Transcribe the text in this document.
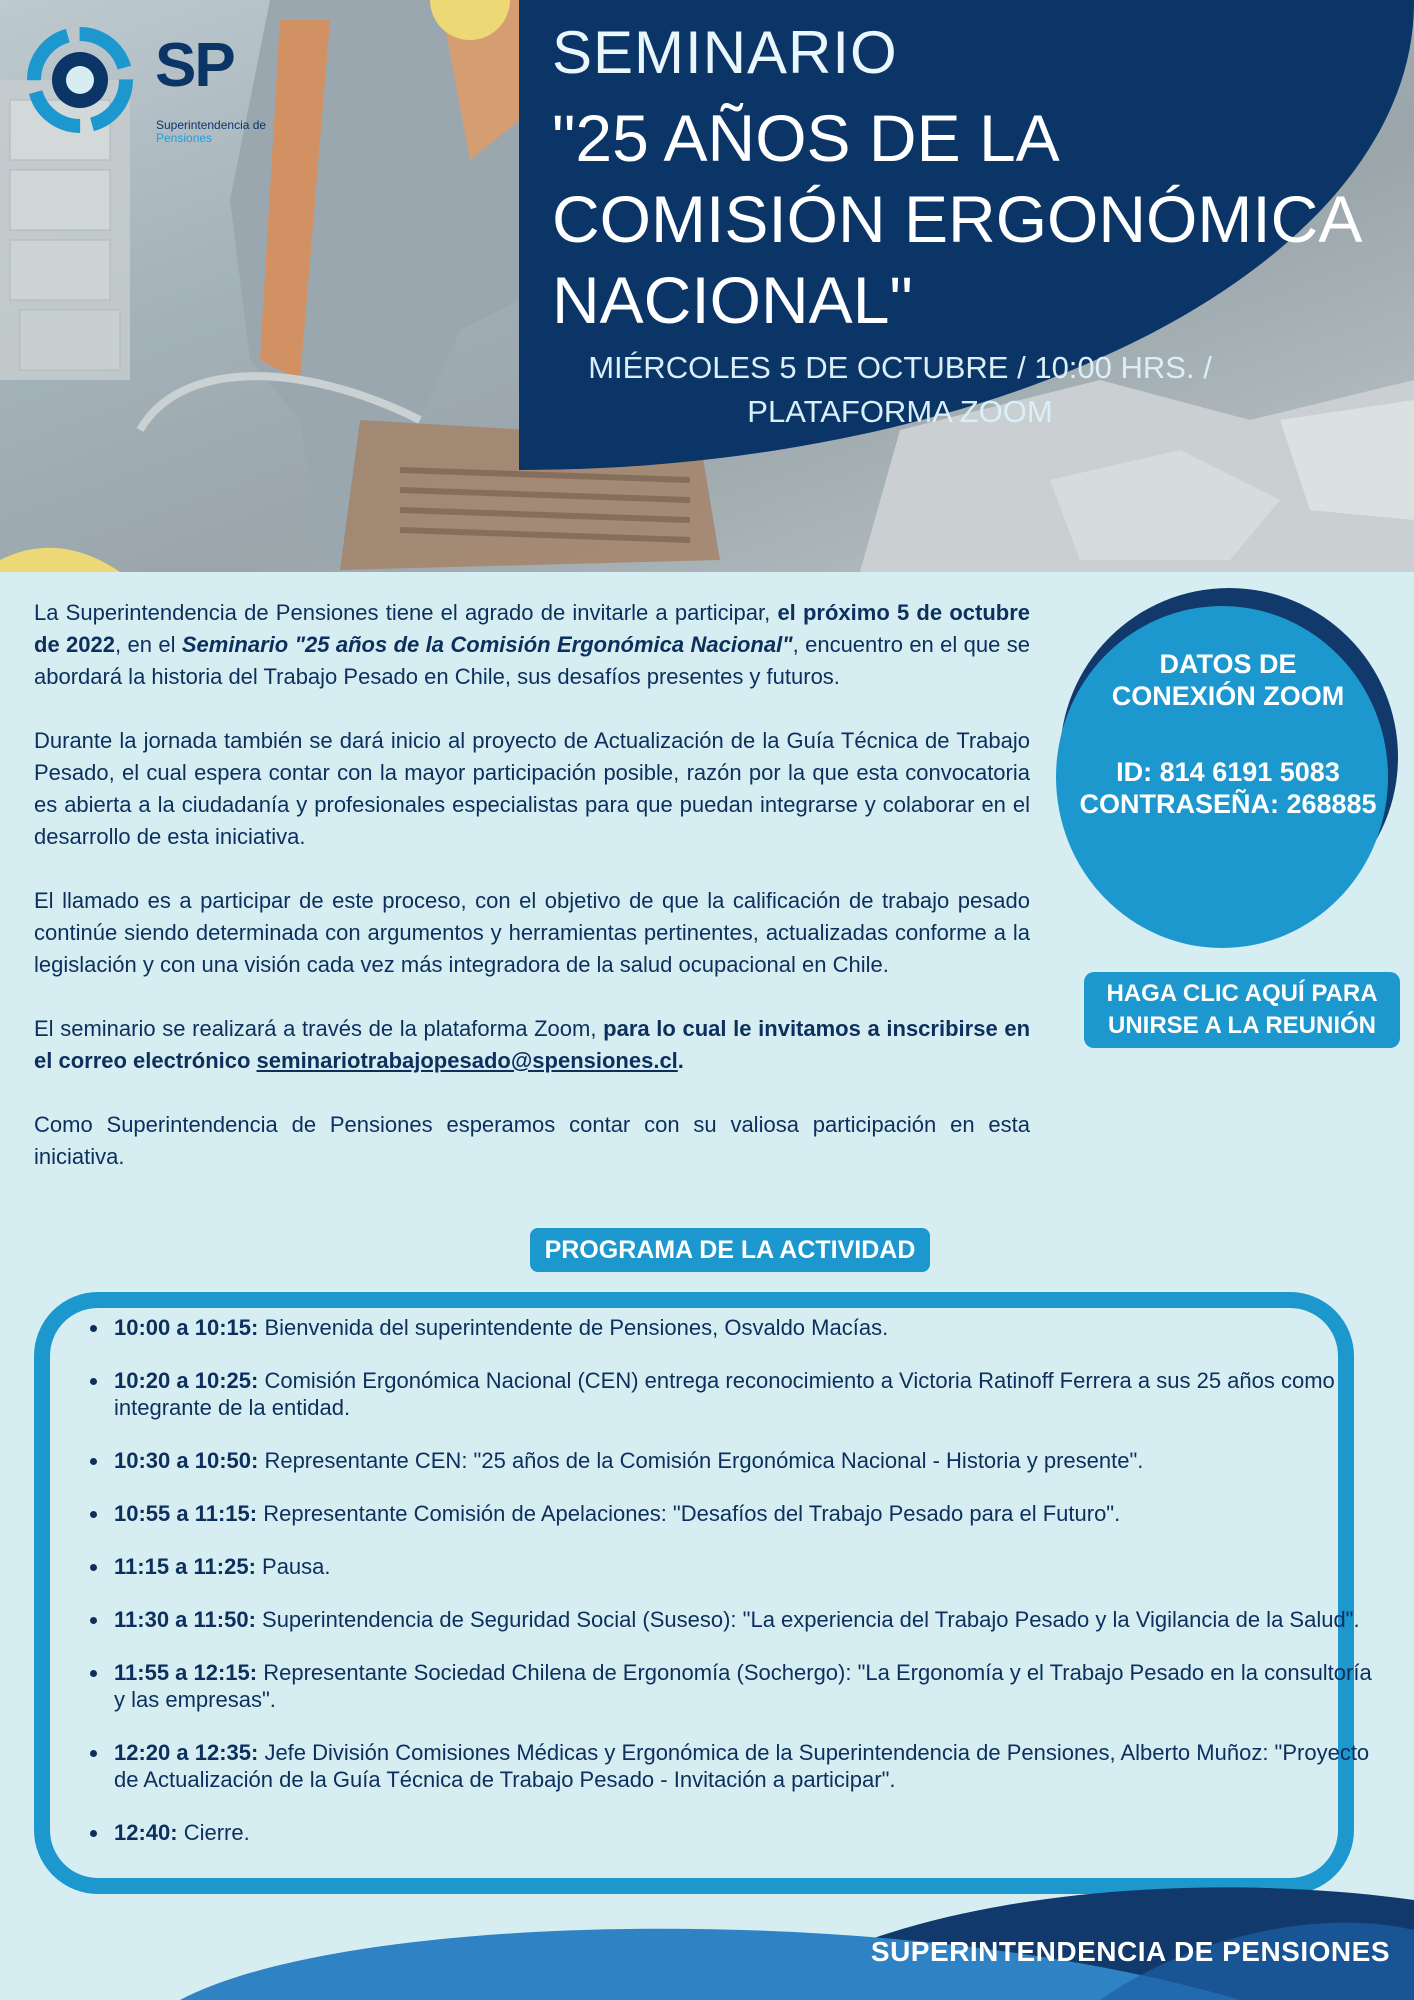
SP
Superintendencia de
Pensiones
SEMINARIO
"25 AÑOS DE LA COMISIÓN ERGONÓMICA NACIONAL"
MIÉRCOLES 5 DE OCTUBRE / 10:00 HRS. / PLATAFORMA ZOOM

La Superintendencia de Pensiones tiene el agrado de invitarle a participar, el próximo 5 de octubre de 2022, en el Seminario "25 años de la Comisión Ergonómica Nacional", encuentro en el que se abordará la historia del Trabajo Pesado en Chile, sus desafíos presentes y futuros.

Durante la jornada también se dará inicio al proyecto de Actualización de la Guía Técnica de Trabajo Pesado, el cual espera contar con la mayor participación posible, razón por la que esta convocatoria es abierta a la ciudadanía y profesionales especialistas para que puedan integrarse y colaborar en el desarrollo de esta iniciativa.

El llamado es a participar de este proceso, con el objetivo de que la calificación de trabajo pesado continúe siendo determinada con argumentos y herramientas pertinentes, actualizadas conforme a la legislación y con una visión cada vez más integradora de la salud ocupacional en Chile.

El seminario se realizará a través de la plataforma Zoom, para lo cual le invitamos a inscribirse en el correo electrónico seminariotrabajopesado@spensiones.cl.

Como Superintendencia de Pensiones esperamos contar con su valiosa participación en esta iniciativa.

DATOS DE
CONEXIÓN ZOOM
ID: 814 6191 5083
CONTRASEÑA: 268885
HAGA CLIC AQUÍ PARA
UNIRSE A LA REUNIÓN
PROGRAMA DE LA ACTIVIDAD
• 10:00 a 10:15: Bienvenida del superintendente de Pensiones, Osvaldo Macías.
• 10:20 a 10:25: Comisión Ergonómica Nacional (CEN) entrega reconocimiento a Victoria Ratinoff Ferrera a sus 25 años como integrante de la entidad.
• 10:30 a 10:50: Representante CEN: "25 años de la Comisión Ergonómica Nacional - Historia y presente".
• 10:55 a 11:15: Representante Comisión de Apelaciones: "Desafíos del Trabajo Pesado para el Futuro".
• 11:15 a 11:25: Pausa.
• 11:30 a 11:50: Superintendencia de Seguridad Social (Suseso): "La experiencia del Trabajo Pesado y la Vigilancia de la Salud".
• 11:55 a 12:15: Representante Sociedad Chilena de Ergonomía (Sochergo): "La Ergonomía y el Trabajo Pesado en la consultoría y las empresas".
• 12:20 a 12:35: Jefe División Comisiones Médicas y Ergonómica de la Superintendencia de Pensiones, Alberto Muñoz: "Proyecto de Actualización de la Guía Técnica de Trabajo Pesado - Invitación a participar".
• 12:40: Cierre.
SUPERINTENDENCIA DE PENSIONES
